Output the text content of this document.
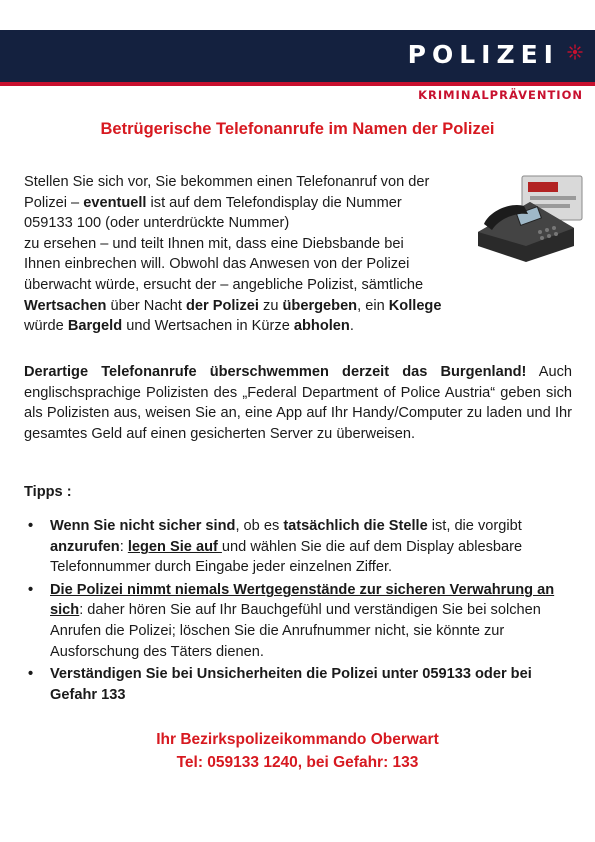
POLIZEI
KRIMINALPRÄVENTION
Betrügerische Telefonanrufe im Namen der Polizei

Stellen Sie sich vor, Sie bekommen einen Telefonanruf von der

Polizei – eventuell ist auf dem Telefondisplay die Nummer

059133 100 (oder unterdrückte Nummer)

zu ersehen – und teilt Ihnen mit, dass eine Diebsbande bei

Ihnen einbrechen will. Obwohl das Anwesen von der Polizei

überwacht würde, ersucht der – angebliche Polizist, sämtliche

Wertsachen über Nacht der Polizei zu übergeben, ein Kollege

würde Bargeld und Wertsachen in Kürze abholen.

Derartige Telefonanrufe überschwemmen derzeit das Burgenland! Auch englischsprachige Polizisten des „Federal Department of Police Austria“ geben sich als Polizisten aus, weisen Sie an, eine App auf Ihr Handy/Computer zu laden und Ihr gesamtes Geld auf einen gesicherten Server zu überweisen.

Tipps :
• Wenn Sie nicht sicher sind, ob es tatsächlich die Stelle ist, die vorgibt anzurufen: legen Sie auf und wählen Sie die auf dem Display ablesbare Telefonnummer durch Eingabe jeder einzelnen Ziffer.
• Die Polizei nimmt niemals Wertgegenstände zur sicheren Verwahrung an sich: daher hören Sie auf Ihr Bauchgefühl und verständigen Sie bei solchen Anrufen die Polizei; löschen Sie die Anrufnummer nicht, sie könnte zur Ausforschung des Täters dienen.
• Verständigen Sie bei Unsicherheiten die Polizei unter 059133 oder bei Gefahr 133
Ihr Bezirkspolizeikommando Oberwart
Tel: 059133 1240, bei Gefahr: 133
